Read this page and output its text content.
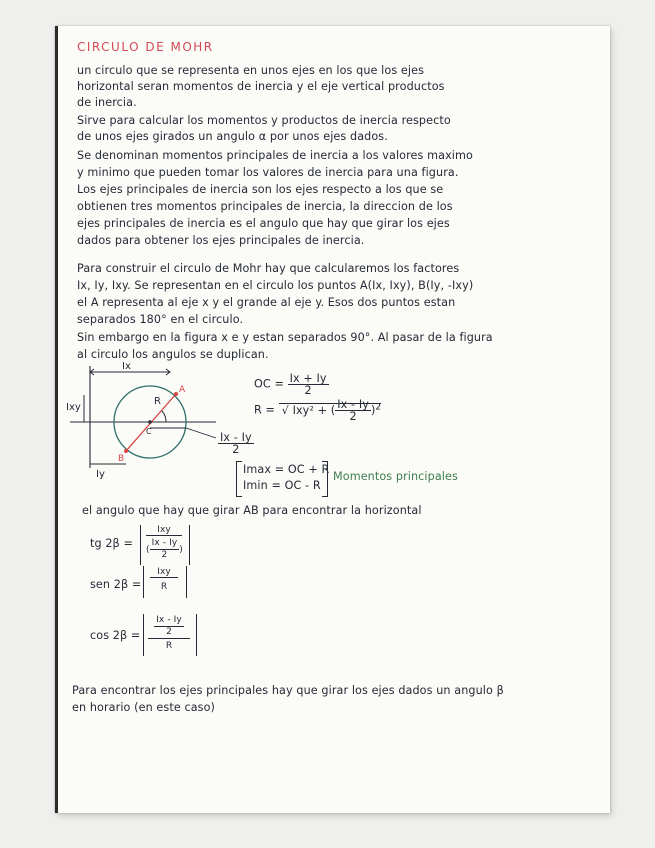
CIRCULO DE MOHR
un circulo que se representa en unos ejes en los que los ejes
horizontal seran momentos de inercia y el eje vertical productos
de inercia.
Sirve para calcular los momentos y productos de inercia respecto
de unos ejes girados un angulo α por unos ejes dados.
Se denominan momentos principales de inercia a los valores maximo
y minimo que pueden tomar los valores de inercia para una figura.
Los ejes principales de inercia son los ejes respecto a los que se
obtienen tres momentos principales de inercia, la direccion de los
ejes principales de inercia es el angulo que hay que girar los ejes
dados para obtener los ejes principales de inercia.
Para construir el circulo de Mohr hay que calcularemos los factores
Ix, Iy, Ixy. Se representan en el circulo los puntos A(Ix, Ixy), B(Iy, -Ixy)
el A representa al eje x y el grande al eje y. Esos dos puntos estan
separados 180° en el circulo.
Sin embargo en la figura x e y estan separados 90°. Al pasar de la figura
al circulo los angulos se duplican.
Ix
Ixy
Iy
R
A
B
C
OC = $\frac{Ix + Iy}{2}$
R = √ Ixy² + ( $\frac{Ix - Iy}{2} )^2$
$\frac{Ix - Iy}{2}$
Imax = OC + R
Imin = OC - R
Momentos principales
el angulo que hay que girar AB para encontrar la horizontal
tg 2β =
Ixy
( $\frac{Ix - Iy}{2}$ )
sen 2β =
Ixy
R
$\cos 2\beta = \frac{Ix - Iy}{2}$
R
Para encontrar los ejes principales hay que girar los ejes dados un angulo β
en horario (en este caso)
